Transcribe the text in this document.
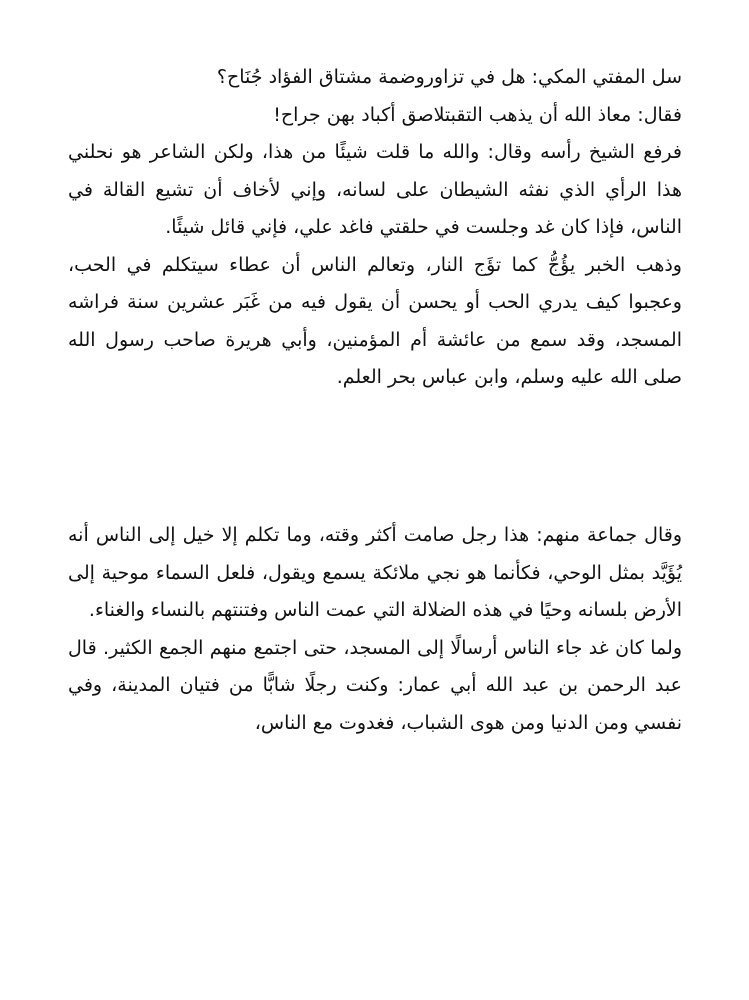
سل المفتي المكي: هل في تزاوروضمة مشتاق الفؤاد جُنَاح؟

فقال: معاذ الله أن يذهب التقبتلاصق أكباد بهن جراح!

فرفع الشيخ رأسه وقال: والله ما قلت شيئًا من هذا، ولكن الشاعر هو نحلني هذا الرأي الذي نفثه الشيطان على لسانه، وإني لأخاف أن تشيع القالة في الناس، فإذا كان غد وجلست في حلقتي فاغد علي، فإني قائل شيئًا.

وذهب الخبر يؤُجُّ كما تؤَج النار، وتعالم الناس أن عطاء سيتكلم في الحب، وعجبوا كيف يدري الحب أو يحسن أن يقول فيه من غَبَر عشرين سنة فراشه المسجد، وقد سمع من عائشة أم المؤمنين، وأبي هريرة صاحب رسول الله صلى الله عليه وسلم، وابن عباس بحر العلم.

وقال جماعة منهم: هذا رجل صامت أكثر وقته، وما تكلم إلا خيل إلى الناس أنه يُؤَيَّد بمثل الوحي، فكأنما هو نجي ملائكة يسمع ويقول، فلعل السماء موحية إلى الأرض بلسانه وحيًا في هذه الضلالة التي عمت الناس وفتنتهم بالنساء والغناء.

ولما كان غد جاء الناس أرسالًا إلى المسجد، حتى اجتمع منهم الجمع الكثير. قال عبد الرحمن بن عبد الله أبي عمار: وكنت رجلًا شابًّا من فتيان المدينة، وفي نفسي ومن الدنيا ومن هوى الشباب، فغدوت مع الناس،
